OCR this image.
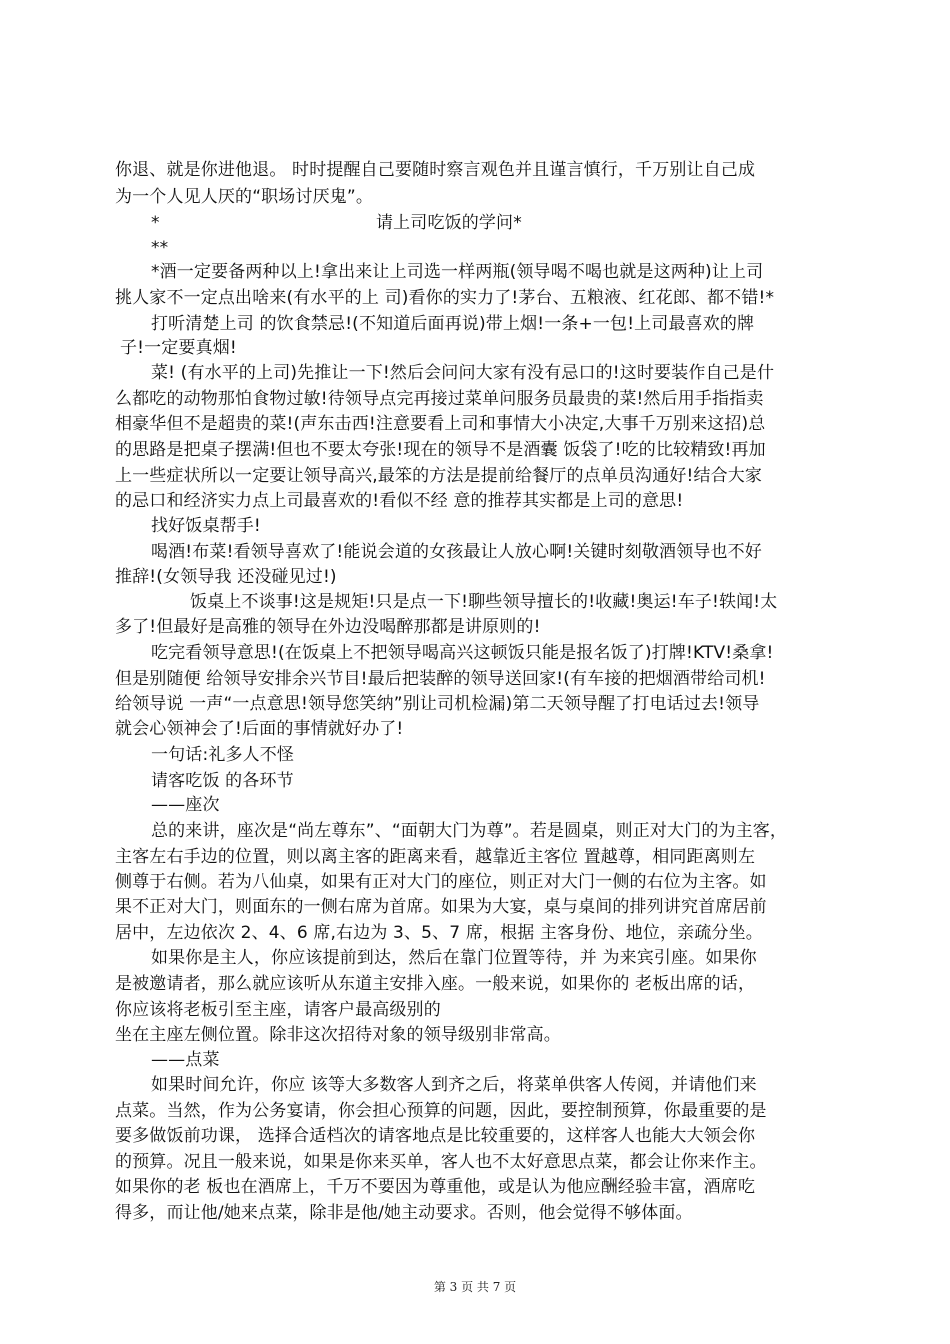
你退、就是你进他退。 时时提醒自己要随时察言观色并且谨言慎行，千万别让自己成
为一个人见人厌的“职场讨厌鬼”。
*	请上司吃饭的学问*
**
*酒一定要备两种以上!拿出来让上司选一样两瓶(领导喝不喝也就是这两种)让上司
挑人家不一定点出啥来(有水平的上 司)看你的实力了!茅台、五粮液、红花郎、都不错!*
打听清楚上司 的饮食禁忌!(不知道后面再说)带上烟!一条+一包!上司最喜欢的牌
子!一定要真烟!
菜! (有水平的上司)先推让一下!然后会问问大家有没有忌口的!这时要装作自己是什
么都吃的动物那怕食物过敏!待领导点完再接过菜单问服务员最贵的菜!然后用手指指卖
相豪华但不是超贵的菜!(声东击西!注意要看上司和事情大小决定,大事千万别来这招)总
的思路是把桌子摆满!但也不要太夸张!现在的领导不是酒囊 饭袋了!吃的比较精致!再加
上一些症状所以一定要让领导高兴,最笨的方法是提前给餐厅的点单员沟通好!结合大家
的忌口和经济实力点上司最喜欢的!看似不经 意的推荐其实都是上司的意思!
找好饭桌帮手!
喝酒!布菜!看领导喜欢了!能说会道的女孩最让人放心啊!关键时刻敬酒领导也不好
推辞!(女领导我 还没碰见过!)
饭桌上不谈事!这是规矩!只是点一下!聊些领导擅长的!收藏!奥运!车子!轶闻!太
多了!但最好是高雅的领导在外边没喝醉那都是讲原则的!
吃完看领导意思!(在饭桌上不把领导喝高兴这顿饭只能是报名饭了)打牌!KTV!桑拿!
但是别随便 给领导安排余兴节目!最后把装醉的领导送回家!(有车接的把烟酒带给司机!
给领导说 一声“一点意思!领导您笑纳”别让司机检漏)第二天领导醒了打电话过去!领导
就会心领神会了!后面的事情就好办了!
一句话:礼多人不怪
请客吃饭 的各环节
——座次
总的来讲，座次是“尚左尊东”、“面朝大门为尊”。若是圆桌，则正对大门的为主客，
主客左右手边的位置，则以离主客的距离来看，越靠近主客位 置越尊，相同距离则左
侧尊于右侧。若为八仙桌，如果有正对大门的座位，则正对大门一侧的右位为主客。如
果不正对大门，则面东的一侧右席为首席。如果为大宴，桌与桌间的排列讲究首席居前
居中，左边依次 2、4、6 席,右边为 3、5、7 席，根据 主客身份、地位，亲疏分坐。
如果你是主人，你应该提前到达，然后在靠门位置等待，并 为来宾引座。如果你
是被邀请者，那么就应该听从东道主安排入座。一般来说，如果你的 老板出席的话，
你应该将老板引至主座，请客户最高级别的
坐在主座左侧位置。除非这次招待对象的领导级别非常高。
——点菜
如果时间允许，你应 该等大多数客人到齐之后，将菜单供客人传阅，并请他们来
点菜。当然，作为公务宴请，你会担心预算的问题，因此，要控制预算，你最重要的是
要多做饭前功课， 选择合适档次的请客地点是比较重要的，这样客人也能大大领会你
的预算。况且一般来说，如果是你来买单，客人也不太好意思点菜，都会让你来作主。
如果你的老 板也在酒席上，千万不要因为尊重他，或是认为他应酬经验丰富，酒席吃
得多，而让他/她来点菜，除非是他/她主动要求。否则，他会觉得不够体面。
第 3 页 共 7 页
